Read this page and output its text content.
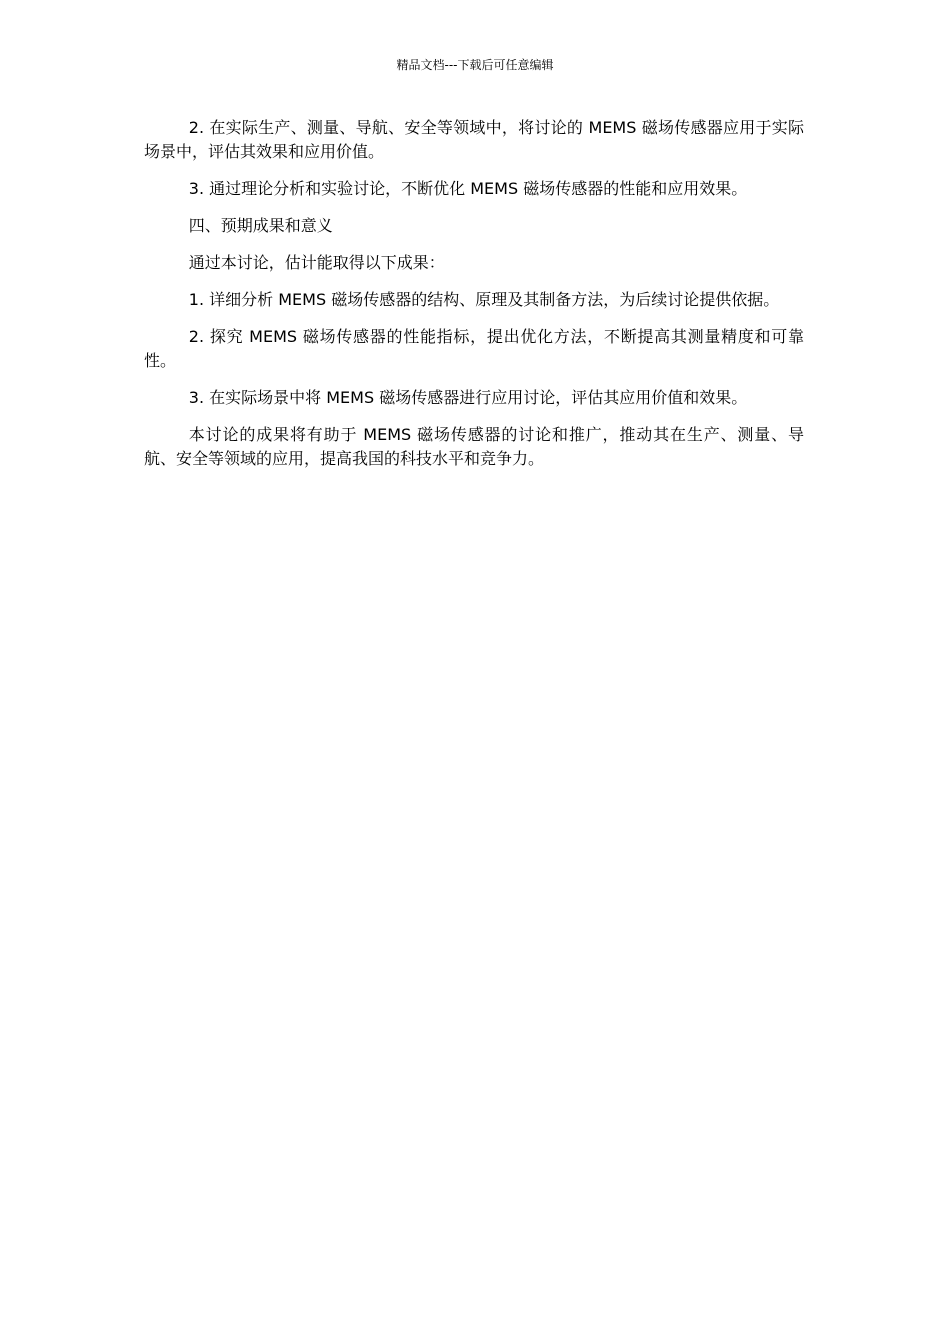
精品文档---下载后可任意编辑

2. 在实际生产、测量、导航、安全等领域中，将讨论的 MEMS 磁场传感器应用于实际场景中，评估其效果和应用价值。

3. 通过理论分析和实验讨论，不断优化 MEMS 磁场传感器的性能和应用效果。

四、预期成果和意义

通过本讨论，估计能取得以下成果：

1. 详细分析 MEMS 磁场传感器的结构、原理及其制备方法，为后续讨论提供依据。

2. 探究 MEMS 磁场传感器的性能指标，提出优化方法，不断提高其测量精度和可靠性。

3. 在实际场景中将 MEMS 磁场传感器进行应用讨论，评估其应用价值和效果。

本讨论的成果将有助于 MEMS 磁场传感器的讨论和推广，推动其在生产、测量、导航、安全等领域的应用，提高我国的科技水平和竞争力。
